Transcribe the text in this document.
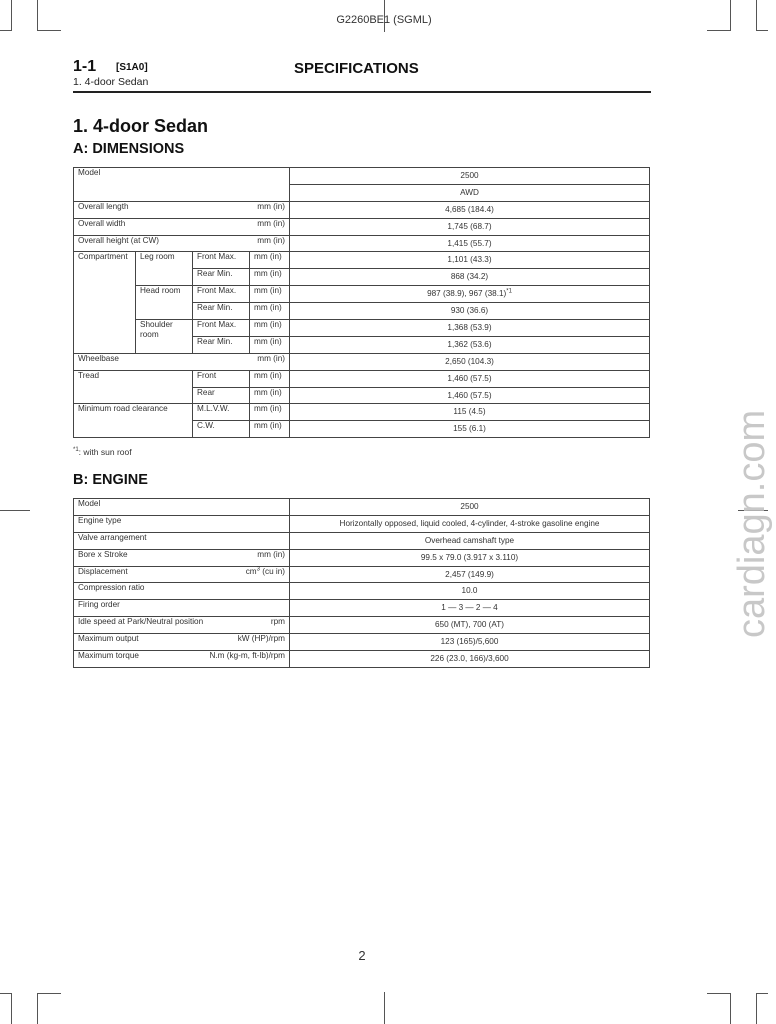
G2260BE1 (SGML)
1-1 [S1A0]	SPECIFICATIONS
1. 4-door Sedan
1. 4-door Sedan
A: DIMENSIONS
Model				2500
				AWD

Overall length mm (in)				4,685 (184.4)

Overall width mm (in)				1,745 (68.7)

Overall height (at CW) mm (in)				1,415 (55.7)
Compartment	Leg room	Front Max.	mm (in)	1,101 (43.3)
		Rear Min.	mm (in)	868 (34.2)
	Head room	Front Max.	mm (in)	987 (38.9), 967 $(38.1)^{*1}$
		Rear Min.	mm (in)	930 (36.6)
	Shoulder room	Front Max.	mm (in)	1,368 (53.9)
		Rear Min.	mm (in)	1,362 (53.6)

Wheelbase mm (in)				2,650 (104.3)
Tread		Front	mm (in)	1,460 (57.5)
		Rear	mm (in)	1,460 (57.5)
Minimum road clearance		M.L.V.W.	mm (in)	115 (4.5)
		C.W.	mm (in)	155 (6.1)
$^{*1}$: with sun roof
B: ENGINE
Model	2500

Engine type	Horizontally opposed, liquid cooled, 4-cylinder, 4-stroke gasoline engine

Valve arrangement	Overhead camshaft type

Bore x Stroke mm (in)	99.5 x 79.0 (3.917 x 3.110)

Displacement $cm^3$ (cu in)	2,457 (149.9)

Compression ratio	10.0

Firing order	1 — 3 — 2 — 4

Idle speed at Park/Neutral position rpm	650 (MT), 700 (AT)

Maximum output kW (HP)/rpm	123 (165)/5,600

Maximum torque N.m (kg-m, ft-lb)/rpm	226 (23.0, 166)/3,600
cardiagn.com
2
